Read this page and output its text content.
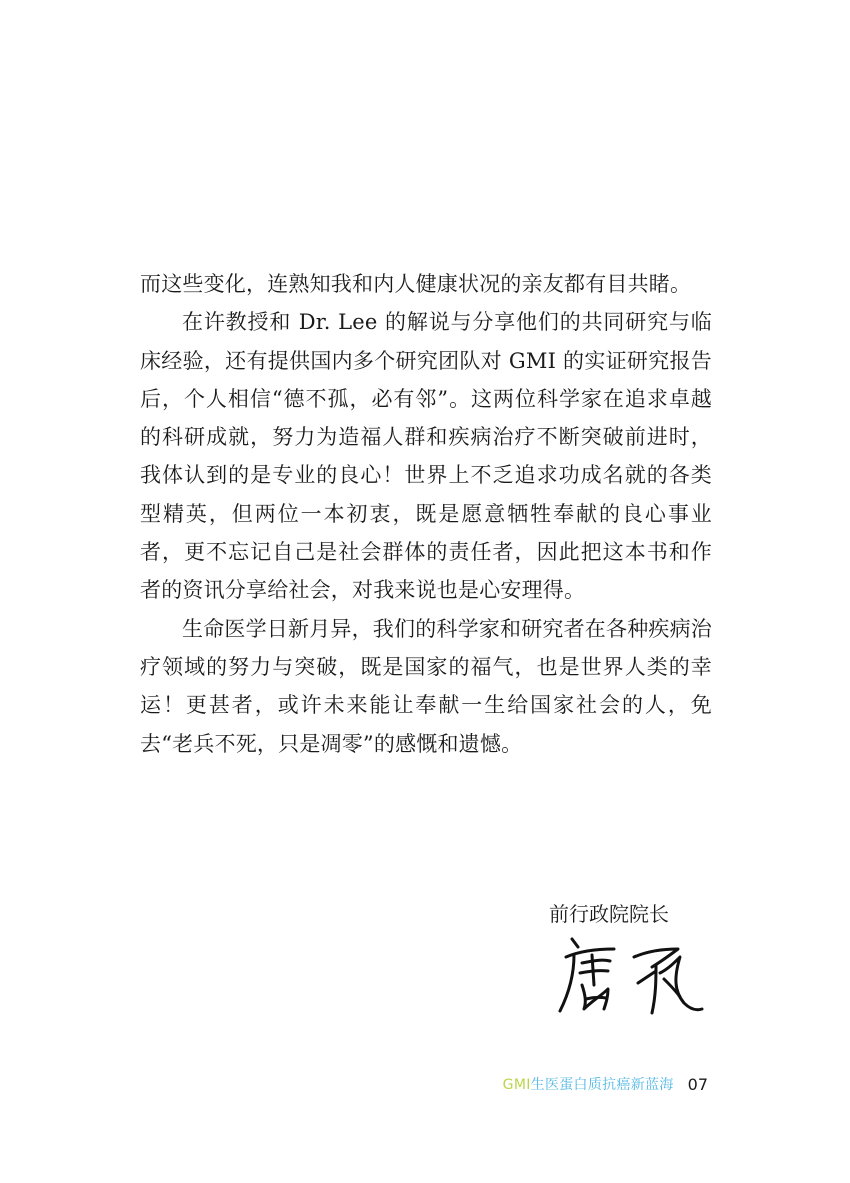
而这些变化，连熟知我和内人健康状况的亲友都有目共睹。

在许教授和 Dr. Lee 的解说与分享他们的共同研究与临床经验，还有提供国内多个研究团队对 GMI 的实证研究报告后，个人相信“德不孤，必有邻”。这两位科学家在追求卓越的科研成就，努力为造福人群和疾病治疗不断突破前进时，我体认到的是专业的良心！世界上不乏追求功成名就的各类型精英，但两位一本初衷，既是愿意牺牲奉献的良心事业者，更不忘记自己是社会群体的责任者，因此把这本书和作者的资讯分享给社会，对我来说也是心安理得。

生命医学日新月异，我们的科学家和研究者在各种疾病治疗领域的努力与突破，既是国家的福气，也是世界人类的幸运！更甚者，或许未来能让奉献一生给国家社会的人，免去“老兵不死，只是凋零”的感慨和遗憾。

前行政院院长
GMI生医蛋白质抗癌新蓝海 07
